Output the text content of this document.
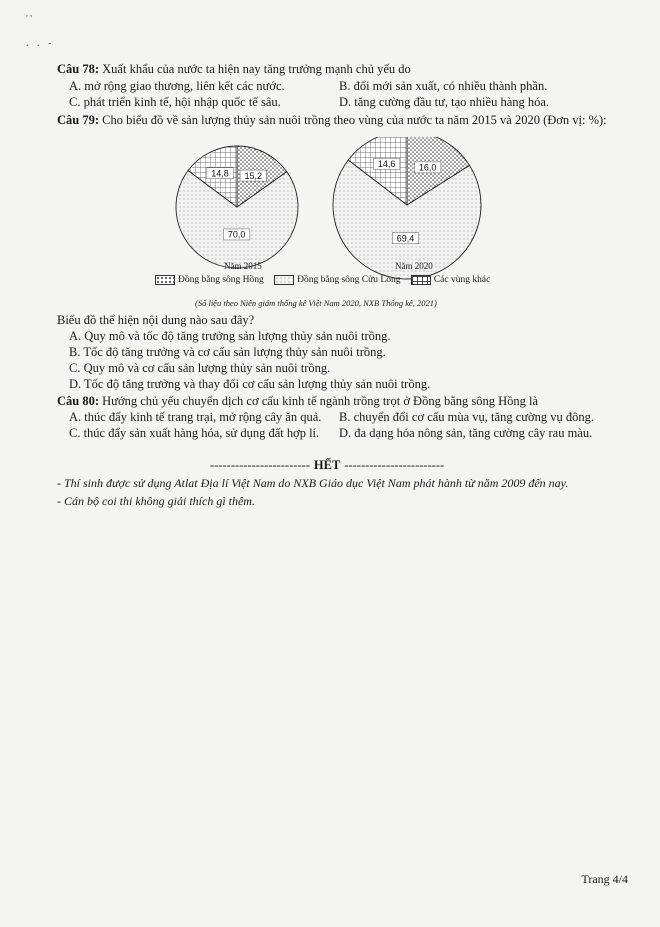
' '
. . -
Câu 78: Xuất khẩu của nước ta hiện nay tăng trưởng mạnh chủ yếu do
A. mở rộng giao thương, liên kết các nước.	B. đổi mới sản xuất, có nhiều thành phần.
C. phát triển kinh tế, hội nhập quốc tế sâu.	D. tăng cường đầu tư, tạo nhiều hàng hóa.
Câu 79: Cho biểu đồ về sản lượng thủy sản nuôi trồng theo vùng của nước ta năm 2015 và 2020 (Đơn vị: %):
15,2
70,0
14,8
16,0
69,4
14,6
Năm 2015	Năm 2020
Đồng bằng sông Hồng	Đồng bằng sông Cửu Long	Các vùng khác
(Số liệu theo Niên giám thống kê Việt Nam 2020, NXB Thống kê, 2021)
Biểu đồ thể hiện nội dung nào sau đây?
A. Quy mô và tốc độ tăng trưởng sản lượng thủy sản nuôi trồng.
B. Tốc độ tăng trưởng và cơ cấu sản lượng thủy sản nuôi trồng.
C. Quy mô và cơ cấu sản lượng thủy sản nuôi trồng.
D. Tốc độ tăng trưởng và thay đổi cơ cấu sản lượng thủy sản nuôi trồng.
Câu 80: Hướng chủ yếu chuyển dịch cơ cấu kinh tế ngành trồng trọt ở Đồng bằng sông Hồng là
A. thúc đẩy kinh tế trang trại, mở rộng cây ăn quả. B. chuyển đổi cơ cấu mùa vụ, tăng cường vụ đông.
C. thúc đẩy sản xuất hàng hóa, sử dụng đất hợp lí. D. đa dạng hóa nông sản, tăng cường cây rau màu.
------------------------ HẾT ------------------------
- Thí sinh được sử dụng Atlat Địa lí Việt Nam do NXB Giáo dục Việt Nam phát hành từ năm 2009 đến nay.
- Cán bộ coi thi không giải thích gì thêm.
Trang 4/4
